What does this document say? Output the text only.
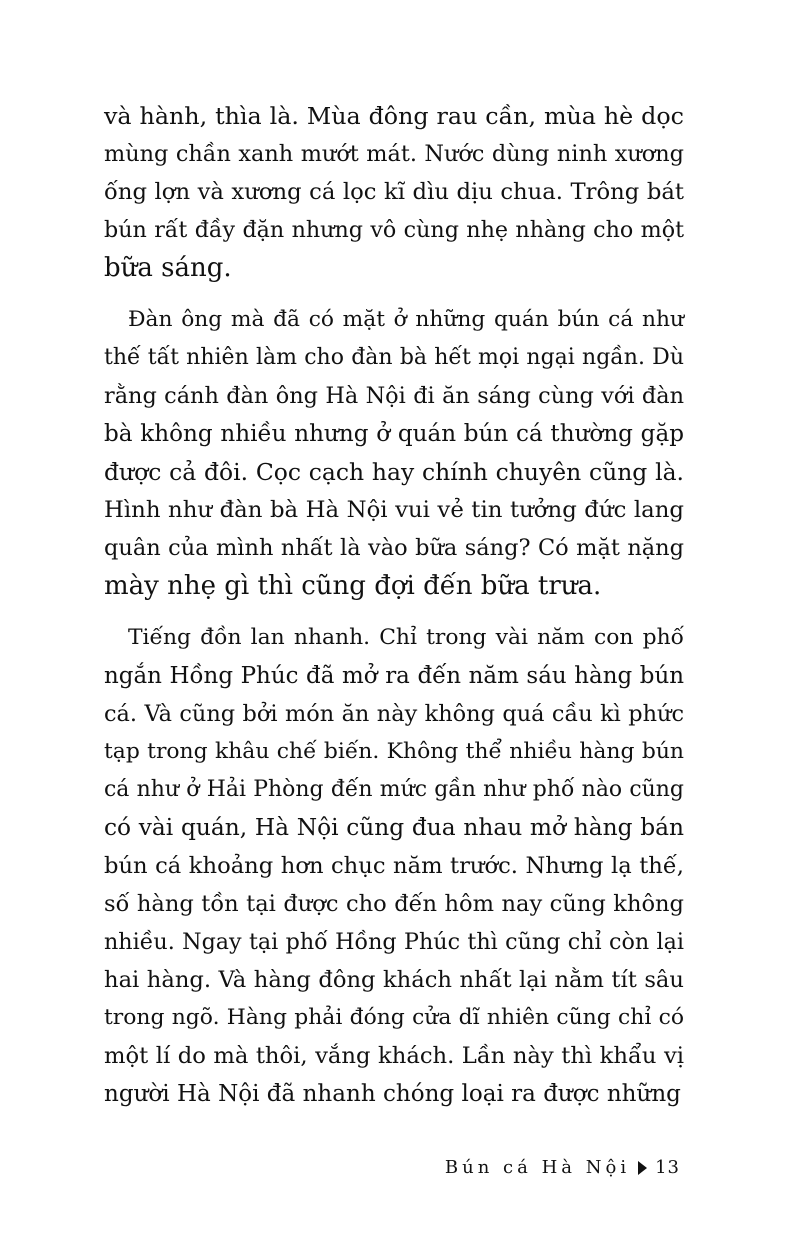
và hành, thìa là. Mùa đông rau cần, mùa hè dọc
mùng chần xanh mướt mát. Nước dùng ninh xương
ống lợn và xương cá lọc kĩ dìu dịu chua. Trông bát
bún rất đầy đặn nhưng vô cùng nhẹ nhàng cho một
bữa sáng.
Đàn ông mà đã có mặt ở những quán bún cá như
thế tất nhiên làm cho đàn bà hết mọi ngại ngần. Dù
rằng cánh đàn ông Hà Nội đi ăn sáng cùng với đàn
bà không nhiều nhưng ở quán bún cá thường gặp
được cả đôi. Cọc cạch hay chính chuyên cũng là.
Hình như đàn bà Hà Nội vui vẻ tin tưởng đức lang
quân của mình nhất là vào bữa sáng? Có mặt nặng
mày nhẹ gì thì cũng đợi đến bữa trưa.
Tiếng đồn lan nhanh. Chỉ trong vài năm con phố
ngắn Hồng Phúc đã mở ra đến năm sáu hàng bún
cá. Và cũng bởi món ăn này không quá cầu kì phức
tạp trong khâu chế biến. Không thể nhiều hàng bún
cá như ở Hải Phòng đến mức gần như phố nào cũng
có vài quán, Hà Nội cũng đua nhau mở hàng bán
bún cá khoảng hơn chục năm trước. Nhưng lạ thế,
số hàng tồn tại được cho đến hôm nay cũng không
nhiều. Ngay tại phố Hồng Phúc thì cũng chỉ còn lại
hai hàng. Và hàng đông khách nhất lại nằm tít sâu
trong ngõ. Hàng phải đóng cửa dĩ nhiên cũng chỉ có
một lí do mà thôi, vắng khách. Lần này thì khẩu vị
người Hà Nội đã nhanh chóng loại ra được những
Bún cá Hà Nội 13
